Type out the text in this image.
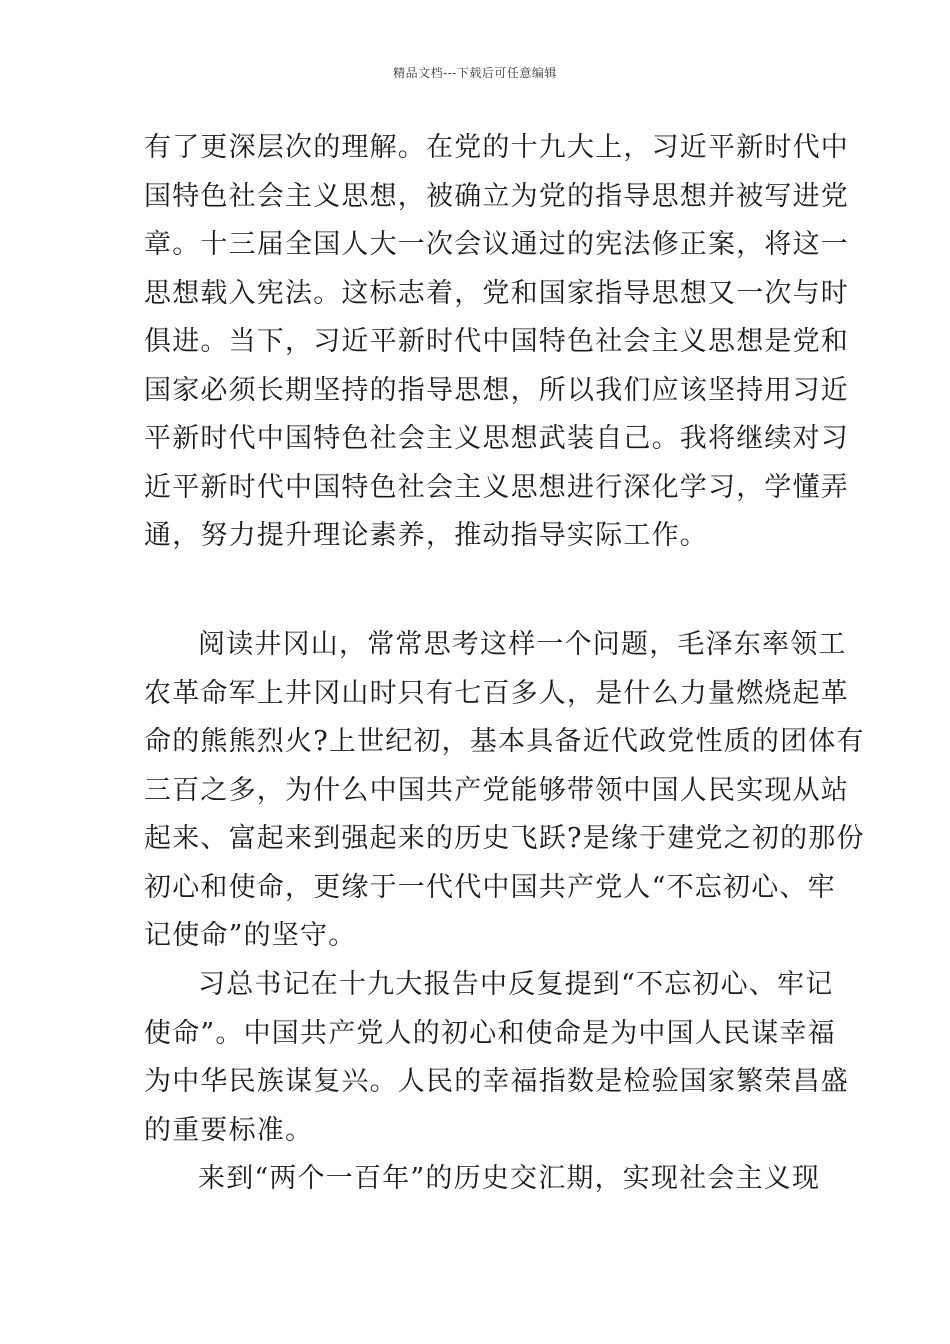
精品文档---下载后可任意编辑
有了更深层次的理解。在党的十九大上，习近平新时代中
国特色社会主义思想，被确立为党的指导思想并被写进党
章。十三届全国人大一次会议通过的宪法修正案，将这一
思想载入宪法。这标志着，党和国家指导思想又一次与时
俱进。当下，习近平新时代中国特色社会主义思想是党和
国家必须长期坚持的指导思想，所以我们应该坚持用习近
平新时代中国特色社会主义思想武装自己。我将继续对习
近平新时代中国特色社会主义思想进行深化学习，学懂弄
通，努力提升理论素养，推动指导实际工作。
阅读井冈山，常常思考这样一个问题，毛泽东率领工
农革命军上井冈山时只有七百多人，是什么力量燃烧起革
命的熊熊烈火?上世纪初，基本具备近代政党性质的团体有
三百之多，为什么中国共产党能够带领中国人民实现从站
起来、富起来到强起来的历史飞跃?是缘于建党之初的那份
初心和使命，更缘于一代代中国共产党人“不忘初心、牢
记使命”的坚守。
习总书记在十九大报告中反复提到“不忘初心、牢记
使命”。中国共产党人的初心和使命是为中国人民谋幸福
为中华民族谋复兴。人民的幸福指数是检验国家繁荣昌盛
的重要标准。
来到“两个一百年”的历史交汇期，实现社会主义现
